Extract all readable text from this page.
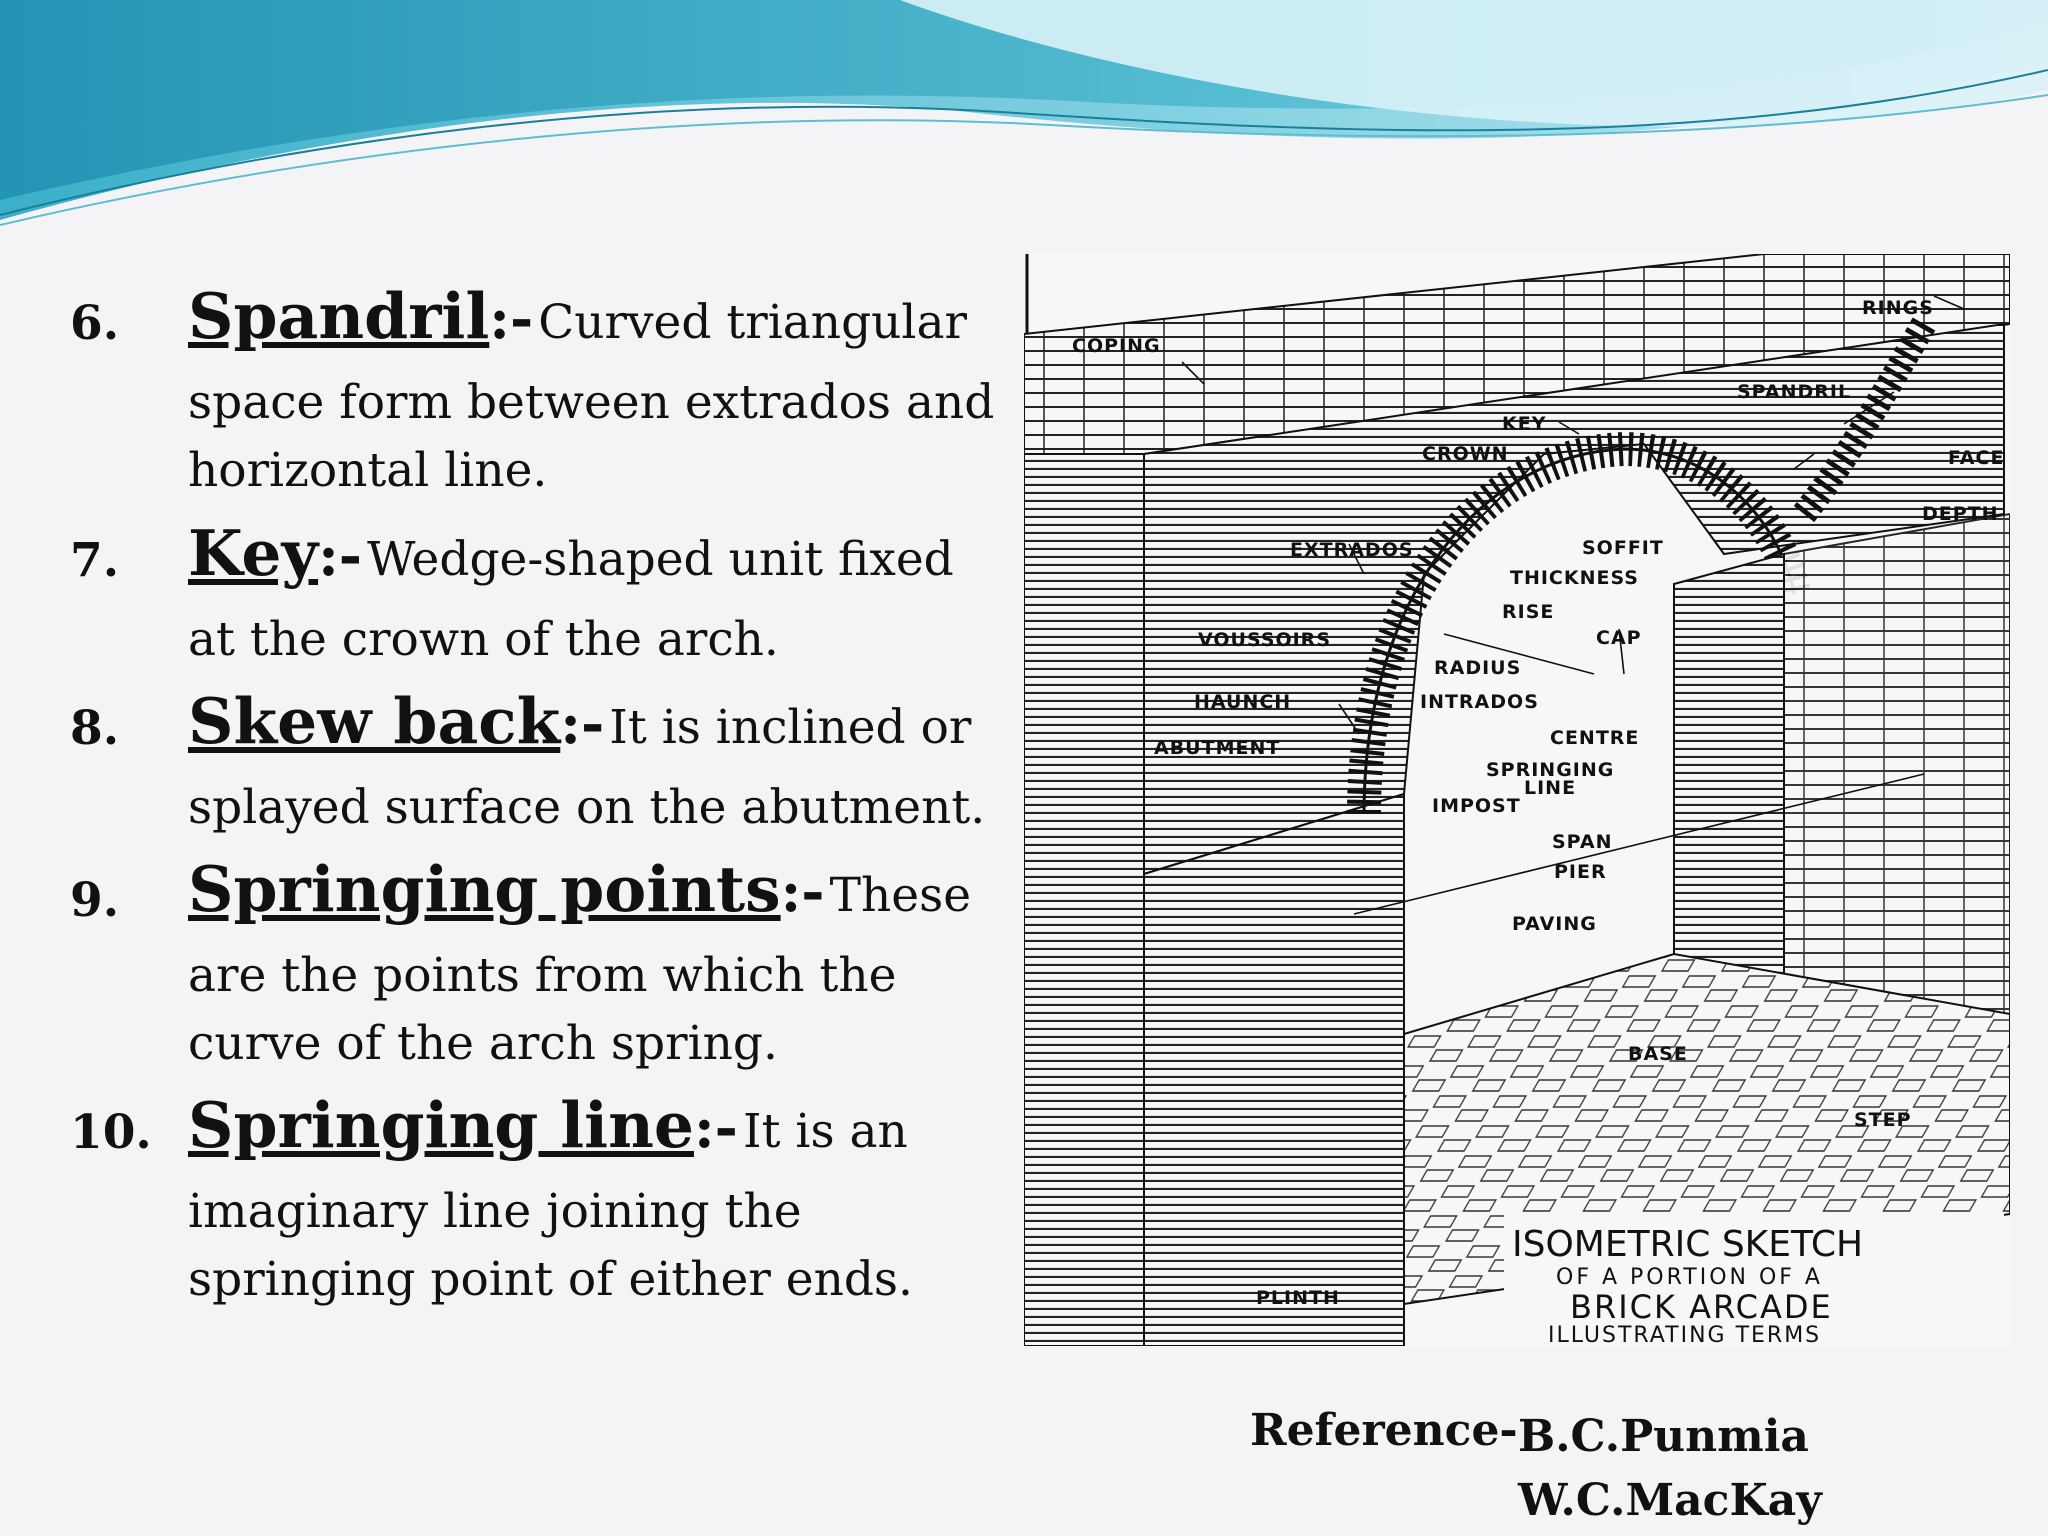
6. Spandril:- Curved triangular
space form between extrados and
horizontal line.
7. Key:- Wedge-shaped unit fixed
at the crown of the arch.
8. Skew back:- It is inclined or
splayed surface on the abutment.
9. Springing points:- These
are the points from which the
curve of the arch spring.
10. Springing line:- It is an
imaginary line joining the
springing point of either ends.
COPING
RINGS
SPANDRIL
KEY
CROWN	FACE
DEPTH
EXTRADOS	SOFFIT
THICKNESS
RISE
CAP
VOUSSOIRS
RADIUS
HAUNCH	INTRADOS
CENTRE
ABUTMENT
SPRINGING
LINE
IMPOST
SPAN
PIER
PAVING
BASE
STEP
PLINTH
ISOMETRIC SKETCH
OF A PORTION OF A
BRICK ARCADE
ILLUSTRATING TERMS
Reference- B.C.Punmia
W.C.MacKay
